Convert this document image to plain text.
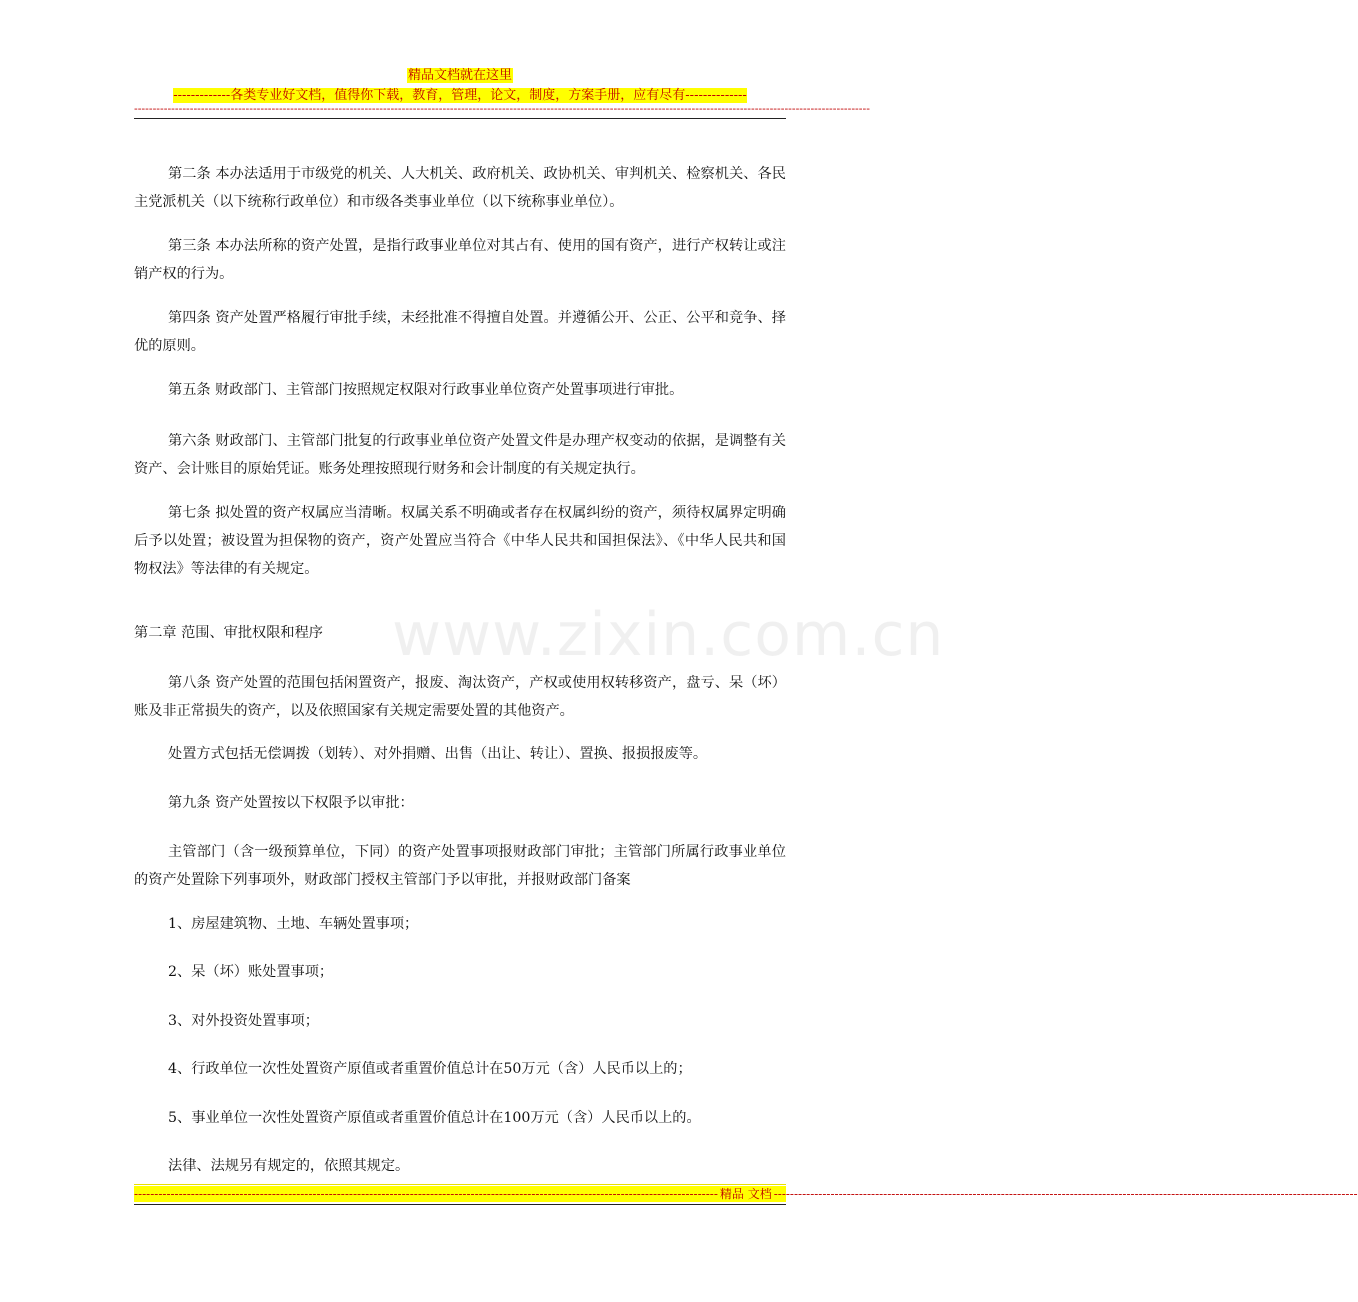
精品文档就在这里
-------------各类专业好文档，值得你下载，教育，管理，论文，制度，方案手册，应有尽有--------------
------------------------------------------------------------------------------------------------------------------------------------------------------------------------------------------------------
www.zixin.com.cn

第二条 本办法适用于市级党的机关、人大机关、政府机关、政协机关、审判机关、检察机关、各民主党派机关（以下统称行政单位）和市级各类事业单位（以下统称事业单位）。

第三条 本办法所称的资产处置，是指行政事业单位对其占有、使用的国有资产，进行产权转让或注销产权的行为。

第四条 资产处置严格履行审批手续，未经批准不得擅自处置。并遵循公开、公正、公平和竞争、择优的原则。

第五条 财政部门、主管部门按照规定权限对行政事业单位资产处置事项进行审批。

第六条 财政部门、主管部门批复的行政事业单位资产处置文件是办理产权变动的依据，是调整有关资产、会计账目的原始凭证。账务处理按照现行财务和会计制度的有关规定执行。

第七条 拟处置的资产权属应当清晰。权属关系不明确或者存在权属纠纷的资产，须待权属界定明确后予以处置；被设置为担保物的资产，资产处置应当符合《中华人民共和国担保法》、《中华人民共和国物权法》等法律的有关规定。

第二章 范围、审批权限和程序

第八条 资产处置的范围包括闲置资产，报废、淘汰资产，产权或使用权转移资产，盘亏、呆（坏）账及非正常损失的资产，以及依照国家有关规定需要处置的其他资产。

处置方式包括无偿调拨（划转）、对外捐赠、出售（出让、转让）、置换、报损报废等。

第九条 资产处置按以下权限予以审批：

主管部门（含一级预算单位，下同）的资产处置事项报财政部门审批；主管部门所属行政事业单位的资产处置除下列事项外，财政部门授权主管部门予以审批，并报财政部门备案

1、房屋建筑物、土地、车辆处置事项；

2、呆（坏）账处置事项；

3、对外投资处置事项；

4、行政单位一次性处置资产原值或者重置价值总计在50万元（含）人民币以上的；

5、事业单位一次性处置资产原值或者重置价值总计在100万元（含）人民币以上的。

法律、法规另有规定的，依照其规定。

------------------------------------------------------------------------------------------------------------------------------------------------ 精品 文档 ------------------------------------------------------------------------------------------------------------------------------------------------
